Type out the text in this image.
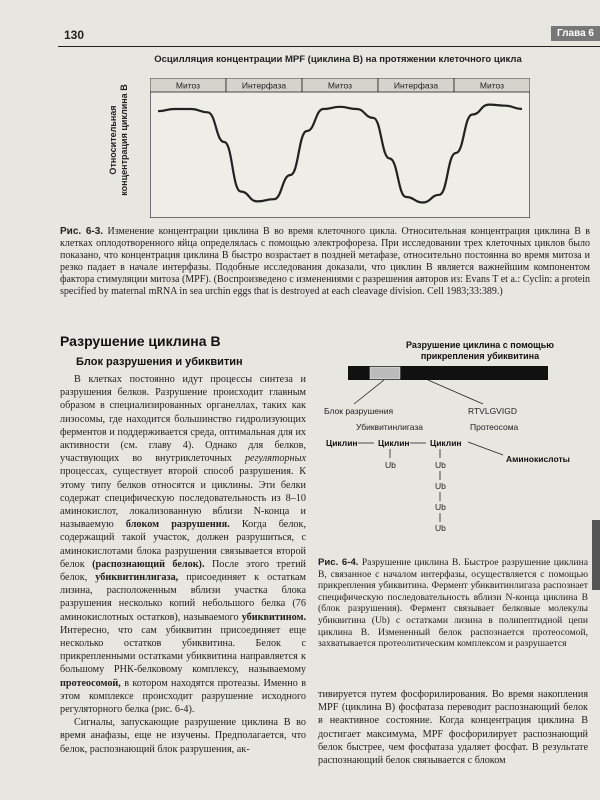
130	Глава 6
Осцилляция концентрации MPF (циклина B) на протяжении клеточного цикла
Относительная концентрация циклина B	Митоз	Интерфаза	Митоз	Интерфаза	Митоз
Рис. 6-3. Изменение концентрации циклина В во время клеточного цикла. Относительная концентрация циклина В в клетках оплодотворенного яйца определялась с помощью электрофореза. При исследовании трех клеточных циклов было показано, что концентрация циклина В быстро возрастает в поздней метафазе, относительно постоянна во время митоза и резко падает в начале интерфазы. Подобные исследования доказали, что циклин В является важнейшим компонентом фактора стимуляции митоза (MPF). (Воспроизведено с изменениями с разрешения авторов из: Evans T et a.: Cyclin: a protein specified by maternal mRNA in sea urchin eggs that is destroyed at each cleavage division. Cell 1983;33:389.)
Разрушение циклина B
Блок разрушения и убиквитин

В клетках постоянно идут процессы синтеза и разрушения белков. Разрушение происходит главным образом в специализированных органеллах, таких как лизосомы, где находится большинство гидролизующих ферментов и поддерживается среда, оптимальная для их активности (см. главу 4). Однако для белков, участвующих во внутриклеточных регуляторных процессах, существует второй способ разрушения. К этому типу белков относятся и циклины. Эти белки содержат специфическую последовательность из 8–10 аминокислот, локализованную вблизи N-конца и называемую блоком разрушения. Когда белок, содержащий такой участок, должен разрушиться, с аминокислотами блока разрушения связывается второй белок (распознающий белок). После этого третий белок, убиквитинлигаза, присоединяет к остаткам лизина, расположенным вблизи участка блока разрушения несколько копий небольшого белка (76 аминокислотных остатков), называемого убиквитином. Интересно, что сам убиквитин присоединяет еще несколько остатков убиквитина. Белок с прикрепленными остатками убиквитина направляется к большому РНК-белковому комплексу, называемому протеосомой, в котором находятся протеазы. Именно в этом комплексе происходит разрушение исходного регуляторного белка (рис. 6-4).

Сигналы, запускающие разрушение циклина В во время анафазы, еще не изучены. Предполагается, что белок, распознающий блок разрушения, ак-

Разрушение циклина с помощью прикрепления убиквитина
Блок разрушения	RTVLGVIGD
Убиквитинлигаза	Протеосома
Циклин Циклин Циклин
Аминокислоты
Ub	Ub
Ub
Ub
Ub
Рис. 6-4. Разрушение циклина В. Быстрое разрушение циклина В, связанное с началом интерфазы, осуществляется с помощью прикрепления убиквитина. Фермент убиквитинлигаза распознает специфическую последовательность вблизи N-конца циклина В (блок разрушения). Фермент связывает белковые молекулы убиквитина (Ub) с остатками лизина в полипептидной цепи циклина В. Измененный белок распознается протеосомой, захватывается протеолитическим комплексом и разрушается

тивируется путем фосфорилирования. Во время накопления MPF (циклина В) фосфатаза переводит распознающий белок в неактивное состояние. Когда концентрация циклина В достигает максимума, MPF фосфорилирует распознающий белок быстрее, чем фосфатаза удаляет фосфат. В результате распознающий белок связывается с блоком
